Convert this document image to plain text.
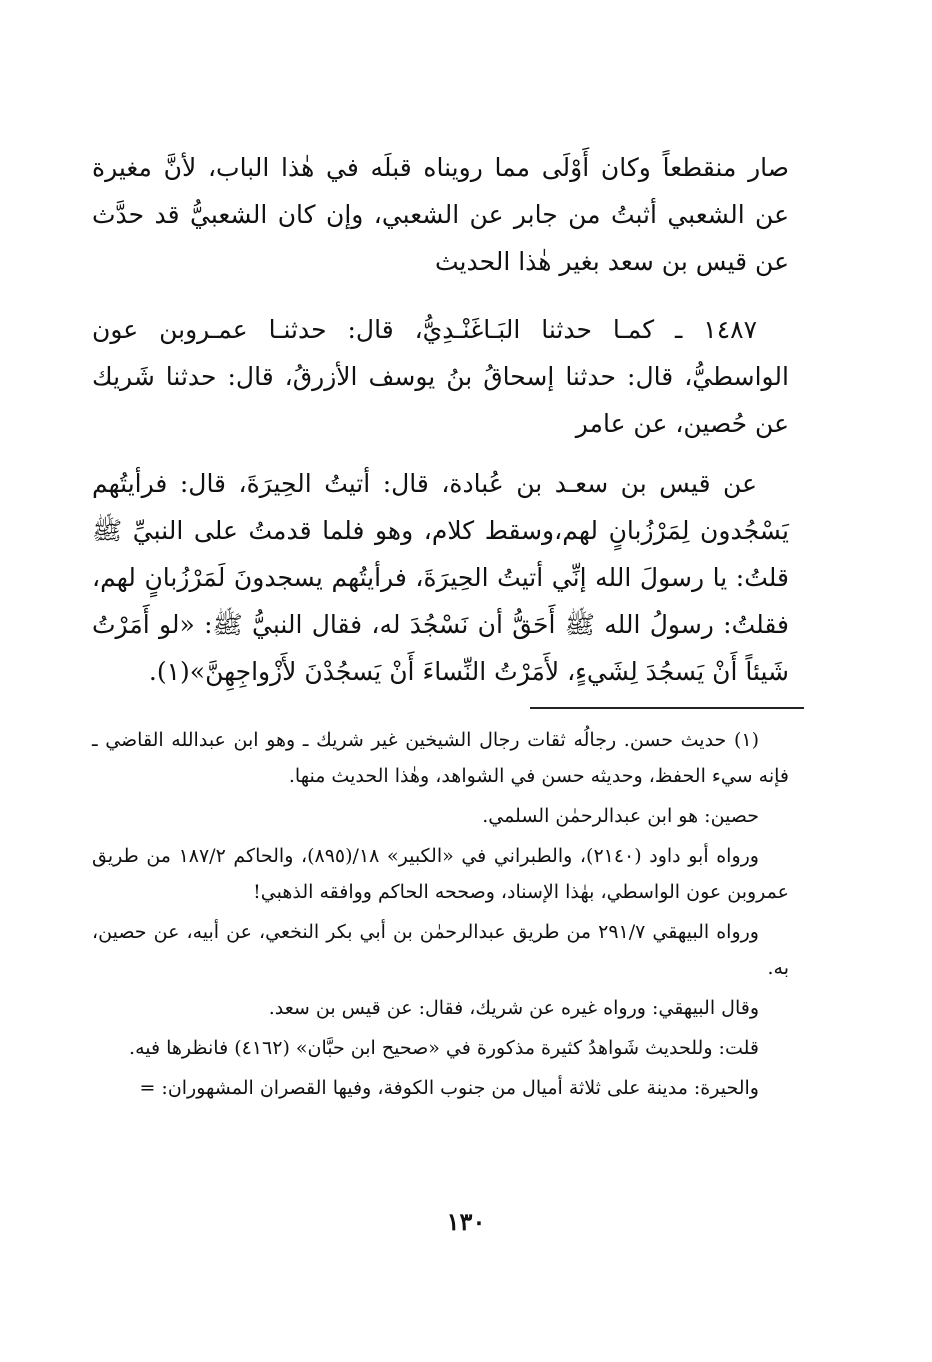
صار منقطعاً وكان أَوْلَى مما رويناه قبلَه في هٰذا الباب، لأنَّ مغيرة عن الشعبي أثبتُ من جابر عن الشعبي، وإن كان الشعبيُّ قد حدَّث عن قيس بن سعد بغير هٰذا الحديث

١٤٨٧ ـ كمـا حدثنا البَـاغَنْـدِيُّ، قال: حدثنـا عمـروبن عون الواسطيُّ، قال: حدثنا إسحاقُ بنُ يوسف الأزرقُ، قال: حدثنا شَريك عن حُصين، عن عامر

عن قيس بن سعـد بن عُبادة، قال: أتيتُ الحِيرَةَ، قال: فرأيتُهم يَسْجُدون لِمَرْزُبانٍ لهم،وسقط كلام، وهو فلما قدمتُ على النبيِّ ﷺ قلتُ: يا رسولَ الله إنِّي أتيتُ الحِيرَةَ، فرأيتُهم يسجدونَ لَمَرْزُبانٍ لهم، فقلتُ: رسولُ الله ﷺ أَحَقُّ أن نَسْجُدَ له، فقال النبيُّ ﷺ: «لو أَمَرْتُ شَيئاً أَنْ يَسجُدَ لِشَيءٍ، لأَمَرْتُ النِّساءَ أَنْ يَسجُدْنَ لأَزْواجِهِنَّ»(١).

(١) حديث حسن. رجالُه ثقات رجال الشيخين غير شريك ـ وهو ابن عبدالله القاضي ـ فإنه سيء الحفظ، وحديثه حسن في الشواهد، وهٰذا الحديث منها.

حصين: هو ابن عبدالرحمٰن السلمي.

ورواه أبو داود (٢١٤٠)، والطبراني في «الكبير» ١٨/(٨٩٥)، والحاكم ١٨٧/٢ من طريق عمروبن عون الواسطي، بهٰذا الإسناد، وصححه الحاكم ووافقه الذهبي!

ورواه البيهقي ٢٩١/٧ من طريق عبدالرحمٰن بن أبي بكر النخعي، عن أبيه، عن حصين، به.

وقال البيهقي: ورواه غيره عن شريك، فقال: عن قيس بن سعد.

قلت: وللحديث شَواهدُ كثيرة مذكورة في «صحيح ابن حبَّان» (٤١٦٢) فانظرها فيه.

والحيرة: مدينة على ثلاثة أميال من جنوب الكوفة، وفيها القصران المشهوران: =

١٣٠
